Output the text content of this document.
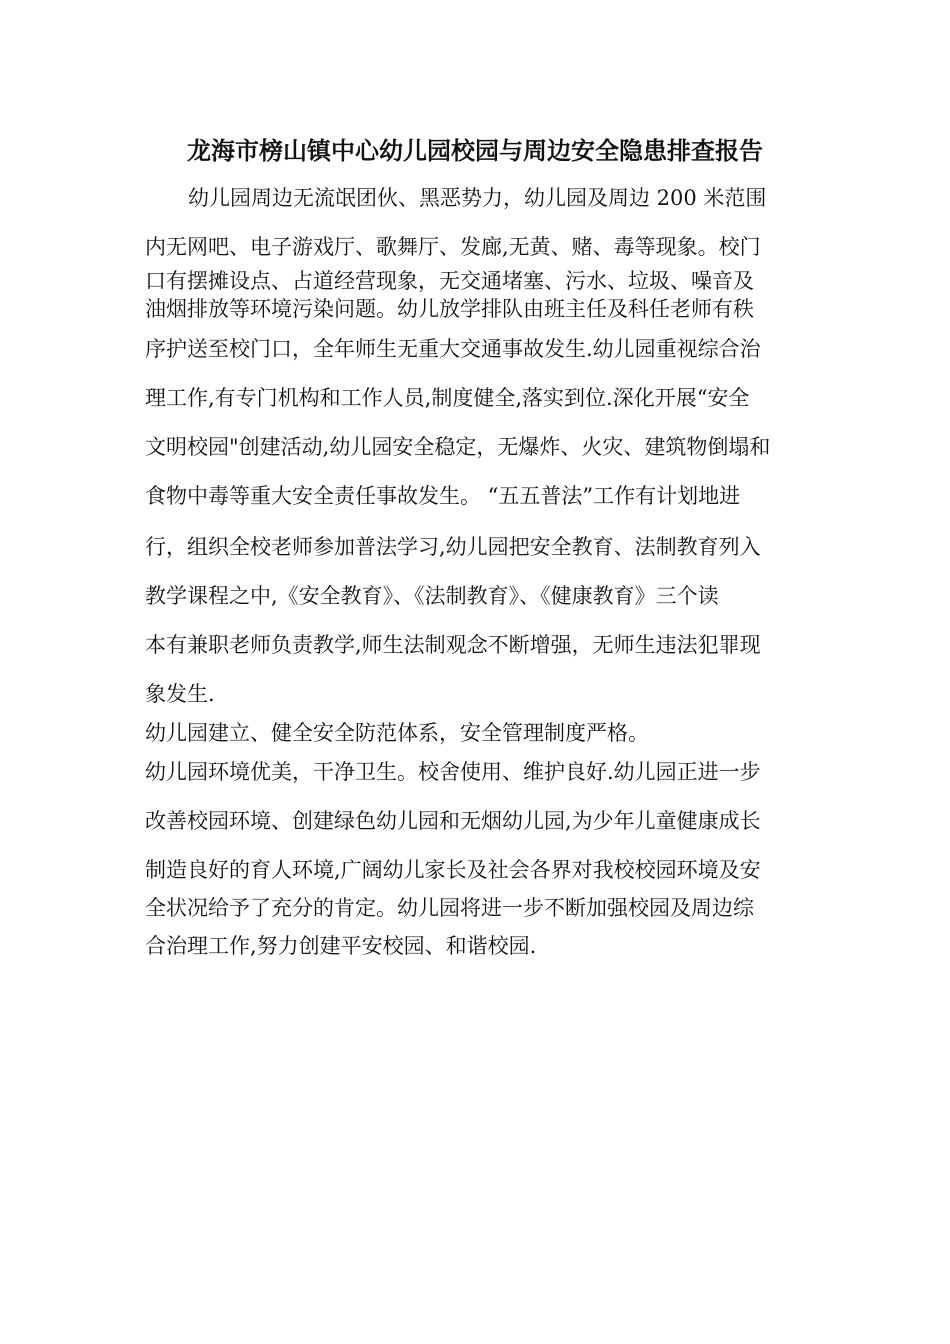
龙海市榜山镇中心幼儿园校园与周边安全隐患排查报告
幼儿园周边无流氓团伙、黑恶势力，幼儿园及周边 200 米范围
内无网吧、电子游戏厅、歌舞厅、发廊,无黄、赌、毒等现象。校门
口有摆摊设点、占道经营现象，无交通堵塞、污水、垃圾、噪音及
油烟排放等环境污染问题。幼儿放学排队由班主任及科任老师有秩
序护送至校门口，全年师生无重大交通事故发生.幼儿园重视综合治
理工作,有专门机构和工作人员,制度健全,落实到位.深化开展“安全
文明校园"创建活动,幼儿园安全稳定，无爆炸、火灾、建筑物倒塌和
食物中毒等重大安全责任事故发生。 “五五普法”工作有计划地进
行，组织全校老师参加普法学习,幼儿园把安全教育、法制教育列入
教学课程之中,《安全教育》、《法制教育》、《健康教育》三个读
本有兼职老师负责教学,师生法制观念不断增强，无师生违法犯罪现
象发生.
幼儿园建立、健全安全防范体系，安全管理制度严格。
幼儿园环境优美，干净卫生。校舍使用、维护良好.幼儿园正进一步
改善校园环境、创建绿色幼儿园和无烟幼儿园,为少年儿童健康成长
制造良好的育人环境,广阔幼儿家长及社会各界对我校校园环境及安
全状况给予了充分的肯定。幼儿园将进一步不断加强校园及周边综
合治理工作,努力创建平安校园、和谐校园.
